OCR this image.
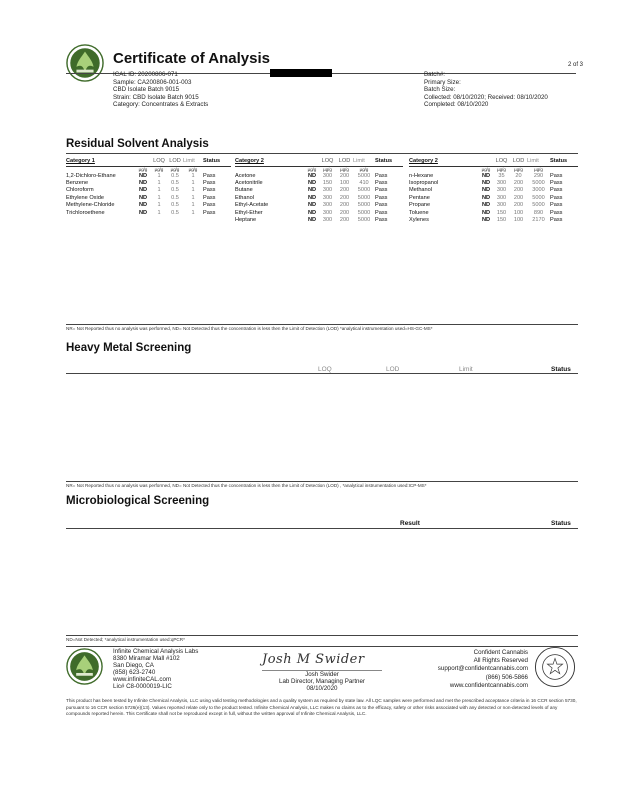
Certificate of Analysis	2 of 3
ICAL ID: 20200806-071
Sample: CA200806-001-003
CBD Isolate Batch 9015
Strain: CBD Isolate Batch 9015
Category: Concentrates & Extracts
Batch#:
Primary Size:
Batch Size:
Collected: 08/10/2020; Received: 08/10/2020
Completed: 08/10/2020
Residual Solvent Analysis
Category 1		LOQ	LOD	Limit	Status
	µg/g	µg/g	µg/g	µg/g	
1,2-Dichloro-Ethane	ND	1	0.5	1	Pass
Benzene	ND	1	0.5	1	Pass
Chloroform	ND	1	0.5	1	Pass
Ethylene Oxide	ND	1	0.5	1	Pass
Methylene-Chloride	ND	1	0.5	1	Pass
Trichloroethene	ND	1	0.5	1	Pass
Category 2		LOQ	LOD	Limit	Status
	µg/g	µg/g	µg/g	µg/g	
Acetone	ND	300	200	5000	Pass
Acetonitrile	ND	150	100	410	Pass
Butane	ND	300	200	5000	Pass
Ethanol	ND	300	200	5000	Pass
Ethyl-Acetate	ND	300	200	5000	Pass
Ethyl-Ether	ND	300	200	5000	Pass
Heptane	ND	300	200	5000	Pass
Category 2		LOQ	LOD	Limit	Status
	µg/g	µg/g	µg/g	µg/g	
n-Hexane	ND	35	20	290	Pass
Isopropanol	ND	300	200	5000	Pass
Methanol	ND	300	200	3000	Pass
Pentane	ND	300	200	5000	Pass
Propane	ND	300	200	5000	Pass
Toluene	ND	150	100	890	Pass
Xylenes	ND	150	100	2170	Pass
NR= Not Reported thus no analysis was performed, ND= Not Detected thus the concentration is less then the Limit of Detection (LOD) *analytical instrumentation used=HS-GC-MS*
Heavy Metal Screening
LOQ	LOD	Limit	Status
NR= Not Reported thus no analysis was performed, ND= Not Detected thus the concentration is less then the Limit of Detection (LOD) , *analytical instrumentation used:ICP-MS*
Microbiological Screening
Result	Status
ND=Not Detected; *analytical instrumentation used:qPCR*
Infinite Chemical Analysis Labs
8380 Miramar Mall #102
San Diego, CA
(858) 623-2740
www.infiniteCAL.com
Lic# C8-0000019-LIC
Josh M Swider
Josh Swider
Lab Director, Managing Partner
08/10/2020
Confident Cannabis
All Rights Reserved
support@confidentcannabis.com
(866) 506-5866
www.confidentcannabis.com
This product has been tested by Infinite Chemical Analysis, LLC using valid testing methodologies and a quality system as required by state law. All LQC samples were performed and met the prescribed acceptance criteria in 16 CCR section 5730, pursuant to 16 CCR section 5726(e)(13). Values reported relate only to the product tested. Infinite Chemical Analysis, LLC makes no claims as to the efficacy, safety or other risks associated with any detected or non-detected levels of any compounds reported herein. This Certificate shall not be reproduced except in full, without the written approval of Infinite Chemical Analysis, LLC.
